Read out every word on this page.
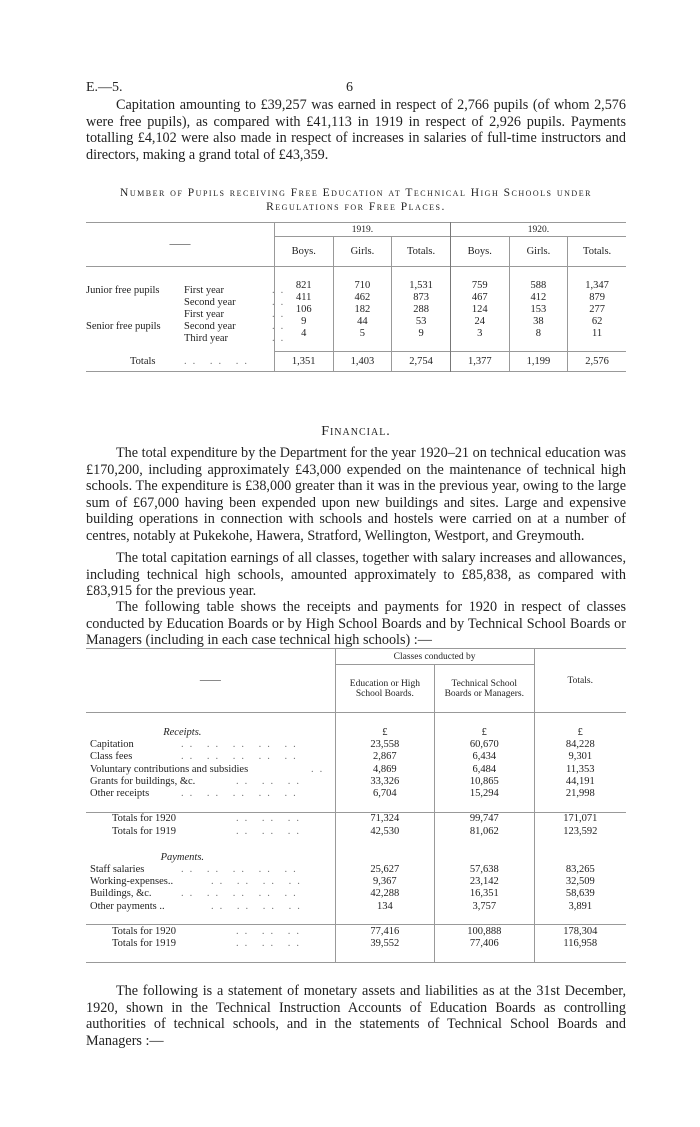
E.—5.	6
Capitation amounting to £39,257 was earned in respect of 2,766 pupils (of whom 2,576 were free pupils), as compared with £41,113 in 1919 in respect of 2,926 pupils. Payments totalling £4,102 were also made in respect of increases in salaries of full-time instructors and directors, making a grand total of £43,359.
Number of Pupils receiving Free Education at Technical High Schools under
Regulations for Free Places.
——	1919.			1920.		
	Boys.	Girls.	Totals.	Boys.	Girls.	Totals.

Junior free pupils First year ..	821	710	1,531	759	588	1,347

Second year ..	411	462	873	467	412	879

First year ..	106	182	288	124	153	277

Senior free pupils Second year ..	9	44	53	24	38	62

Third year ..	4	5	9	3	8	11

Totals .. .. ..	1,351	1,403	2,754	1,377	1,199	2,576
Financial.
The total expenditure by the Department for the year 1920–21 on technical education was £170,200, including approximately £43,000 expended on the maintenance of technical high schools. The expenditure is £38,000 greater than it was in the previous year, owing to the large sum of £67,000 having been expended upon new buildings and sites. Large and expensive building operations in connection with schools and hostels were carried on at a number of centres, notably at Pukekohe, Hawera, Stratford, Wellington, Westport, and Greymouth.
The total capitation earnings of all classes, together with salary increases and allowances, including technical high schools, amounted approximately to £85,838, as compared with £83,915 for the previous year.
The following table shows the receipts and payments for 1920 in respect of classes conducted by Education Boards or by High School Boards and by Technical School Boards or Managers (including in each case technical high schools) :—
——	Classes conducted by		Totals.
	Education or High School Boards.	Technical School Boards or Managers.	

Receipts.	£	£	£
Capitation .. .. .. .. ..	23,558	60,670	84,228
Class fees .. .. .. .. ..	2,867	6,434	9,301
Voluntary contributions and subsidies ..	4,869	6,484	11,353
Grants for buildings, &c. .. .. ..	33,326	10,865	44,191
Other receipts .. .. .. .. ..	6,704	15,294	21,998

Totals for 1920 .. .. ..	71,324	99,747	171,071
Totals for 1919 .. .. ..	42,530	81,062	123,592

Payments.			
Staff salaries .. .. .. .. ..	25,627	57,638	83,265
Working-expenses.. .. .. .. ..	9,367	23,142	32,509
Buildings, &c. .. .. .. .. ..	42,288	16,351	58,639
Other payments .. .. .. .. ..	134	3,757	3,891

Totals for 1920 .. .. ..	77,416	100,888	178,304
Totals for 1919 .. .. ..	39,552	77,406	116,958

The following is a statement of monetary assets and liabilities as at the 31st December, 1920, shown in the Technical Instruction Accounts of Education Boards as controlling authorities of technical schools, and in the statements of Technical School Boards and Managers :—
